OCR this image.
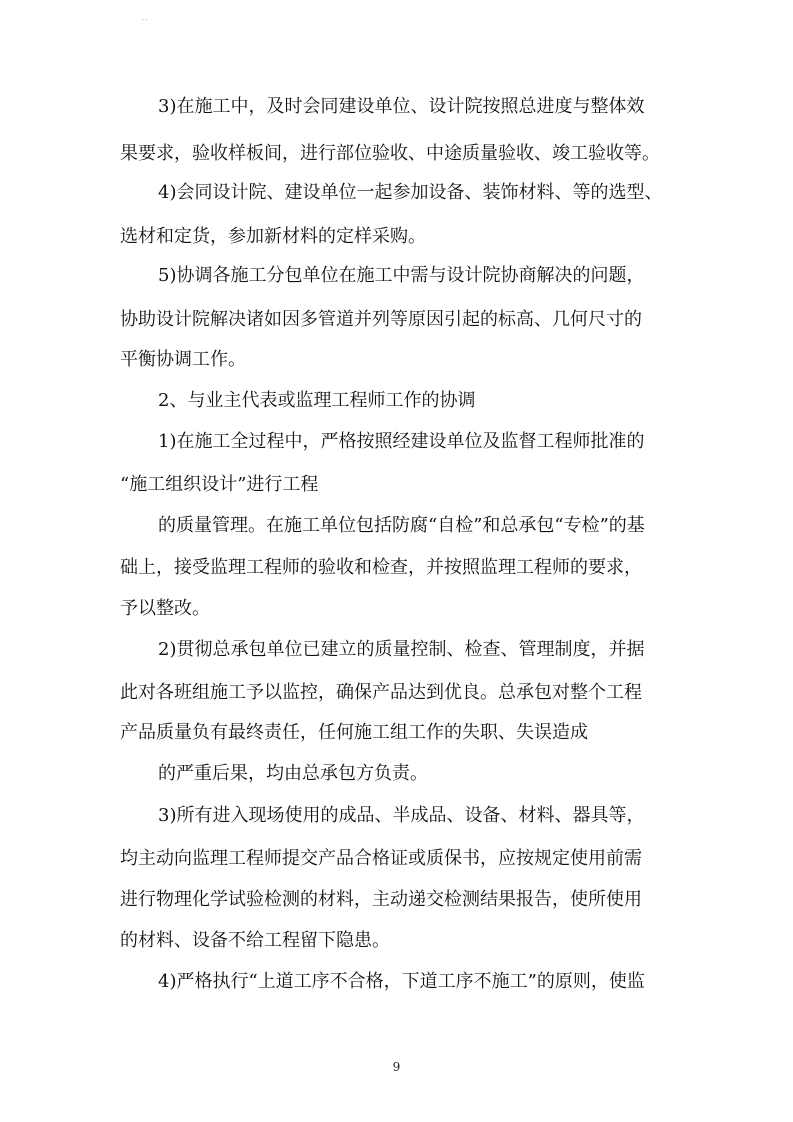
..
3)在施工中，及时会同建设单位、设计院按照总进度与整体效
果要求，验收样板间，进行部位验收、中途质量验收、竣工验收等。
4)会同设计院、建设单位一起参加设备、装饰材料、等的选型、
选材和定货，参加新材料的定样采购。
5)协调各施工分包单位在施工中需与设计院协商解决的问题，
协助设计院解决诸如因多管道并列等原因引起的标高、几何尺寸的
平衡协调工作。
2、与业主代表或监理工程师工作的协调
1)在施工全过程中，严格按照经建设单位及监督工程师批准的
“施工组织设计”进行工程
的质量管理。在施工单位包括防腐“自检”和总承包“专检”的基
础上，接受监理工程师的验收和检查，并按照监理工程师的要求，
予以整改。
2)贯彻总承包单位已建立的质量控制、检查、管理制度，并据
此对各班组施工予以监控，确保产品达到优良。总承包对整个工程
产品质量负有最终责任，任何施工组工作的失职、失误造成
的严重后果，均由总承包方负责。
3)所有进入现场使用的成品、半成品、设备、材料、器具等，
均主动向监理工程师提交产品合格证或质保书，应按规定使用前需
进行物理化学试验检测的材料，主动递交检测结果报告，使所使用
的材料、设备不给工程留下隐患。
4)严格执行“上道工序不合格，下道工序不施工”的原则，使监
9
